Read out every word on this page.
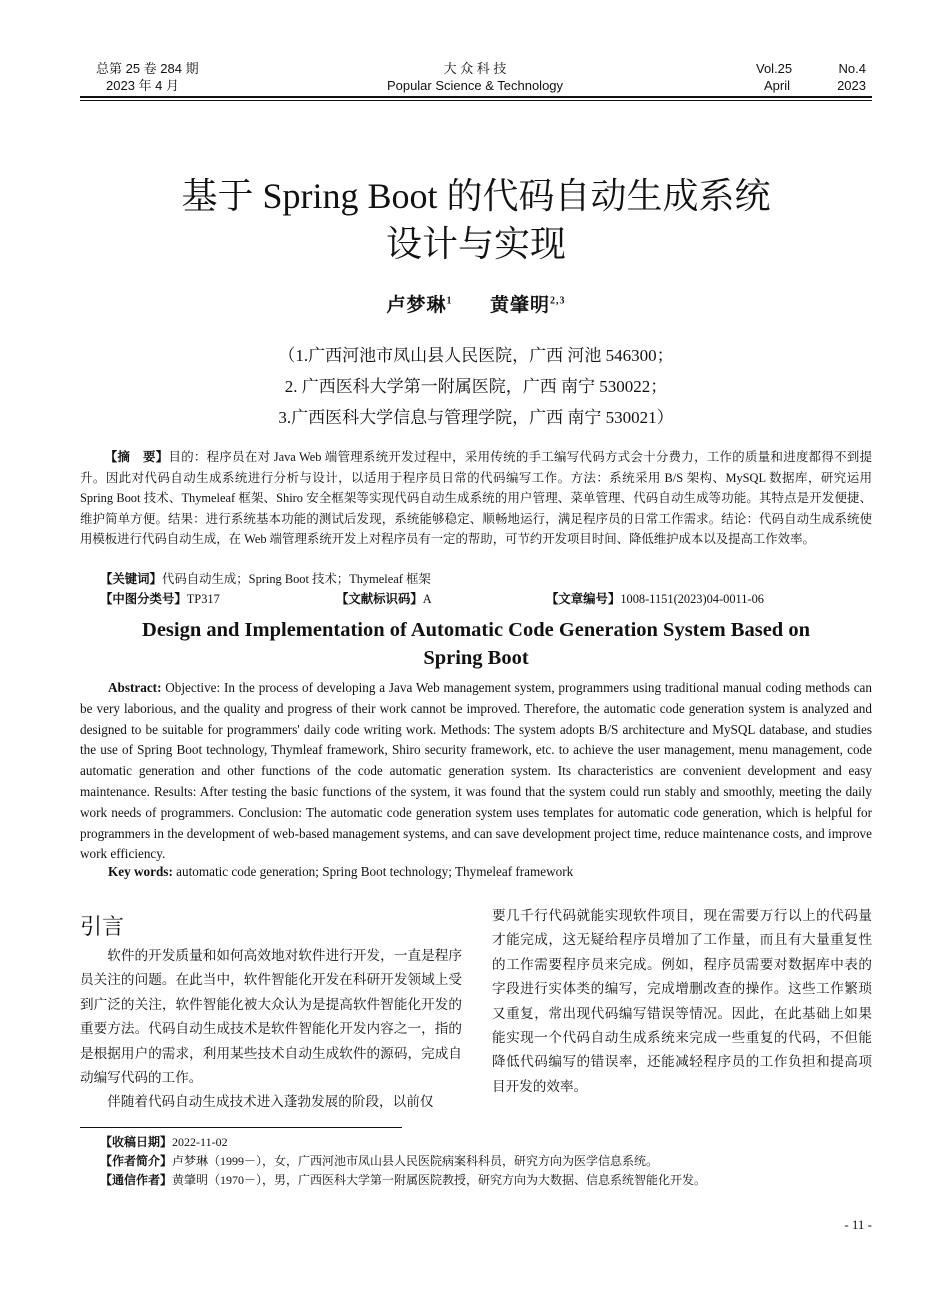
总第 25 卷 284 期
2023 年 4 月
大 众 科 技
Popular Science & Technology
Vol.25	No.4
April	2023
基于 Spring Boot 的代码自动生成系统
设计与实现
卢梦琳$^1$ 黄肇明$^{2,3}$
（1.广西河池市凤山县人民医院，广西 河池 546300；
2. 广西医科大学第一附属医院，广西 南宁 530022；
3.广西医科大学信息与管理学院，广西 南宁 530021）
【摘　要】目的：程序员在对 Java Web 端管理系统开发过程中，采用传统的手工编写代码方式会十分费力，工作的质量和进度都得不到提升。因此对代码自动生成系统进行分析与设计，以适用于程序员日常的代码编写工作。方法：系统采用 B/S 架构、MySQL 数据库，研究运用 Spring Boot 技术、Thymeleaf 框架、Shiro 安全框架等实现代码自动生成系统的用户管理、菜单管理、代码自动生成等功能。其特点是开发便捷、维护简单方便。结果：进行系统基本功能的测试后发现，系统能够稳定、顺畅地运行，满足程序员的日常工作需求。结论：代码自动生成系统使用模板进行代码自动生成，在 Web 端管理系统开发上对程序员有一定的帮助，可节约开发项目时间、降低维护成本以及提高工作效率。
【关键词】代码自动生成；Spring Boot 技术；Thymeleaf 框架
【中图分类号】TP317	【文献标识码】A	【文章编号】1008-1151(2023)04-0011-06
Design and Implementation of Automatic Code Generation System Based on
Spring Boot
Abstract: Objective: In the process of developing a Java Web management system, programmers using traditional manual coding methods can be very laborious, and the quality and progress of their work cannot be improved. Therefore, the automatic code generation system is analyzed and designed to be suitable for programmers' daily code writing work. Methods: The system adopts B/S architecture and MySQL database, and studies the use of Spring Boot technology, Thymleaf framework, Shiro security framework, etc. to achieve the user management, menu management, code automatic generation and other functions of the code automatic generation system. Its characteristics are convenient development and easy maintenance. Results: After testing the basic functions of the system, it was found that the system could run stably and smoothly, meeting the daily work needs of programmers. Conclusion: The automatic code generation system uses templates for automatic code generation, which is helpful for programmers in the development of web-based management systems, and can save development project time, reduce maintenance costs, and improve work efficiency.
Key words: automatic code generation; Spring Boot technology; Thymeleaf framework
引言

软件的开发质量和如何高效地对软件进行开发，一直是程序员关注的问题。在此当中，软件智能化开发在科研开发领域上受到广泛的关注，软件智能化被大众认为是提高软件智能化开发的重要方法。代码自动生成技术是软件智能化开发内容之一，指的是根据用户的需求，利用某些技术自动生成软件的源码，完成自动编写代码的工作。

伴随着代码自动生成技术进入蓬勃发展的阶段，以前仅

要几千行代码就能实现软件项目，现在需要万行以上的代码量才能完成，这无疑给程序员增加了工作量，而且有大量重复性的工作需要程序员来完成。例如，程序员需要对数据库中表的字段进行实体类的编写，完成增删改查的操作。这些工作繁琐又重复，常出现代码编写错误等情况。因此，在此基础上如果能实现一个代码自动生成系统来完成一些重复的代码，不但能降低代码编写的错误率，还能减轻程序员的工作负担和提高项目开发的效率。

【收稿日期】2022-11-02
【作者简介】卢梦琳（1999－），女，广西河池市凤山县人民医院病案科科员，研究方向为医学信息系统。
【通信作者】黄肇明（1970－），男，广西医科大学第一附属医院教授，研究方向为大数据、信息系统智能化开发。
- 11 -
